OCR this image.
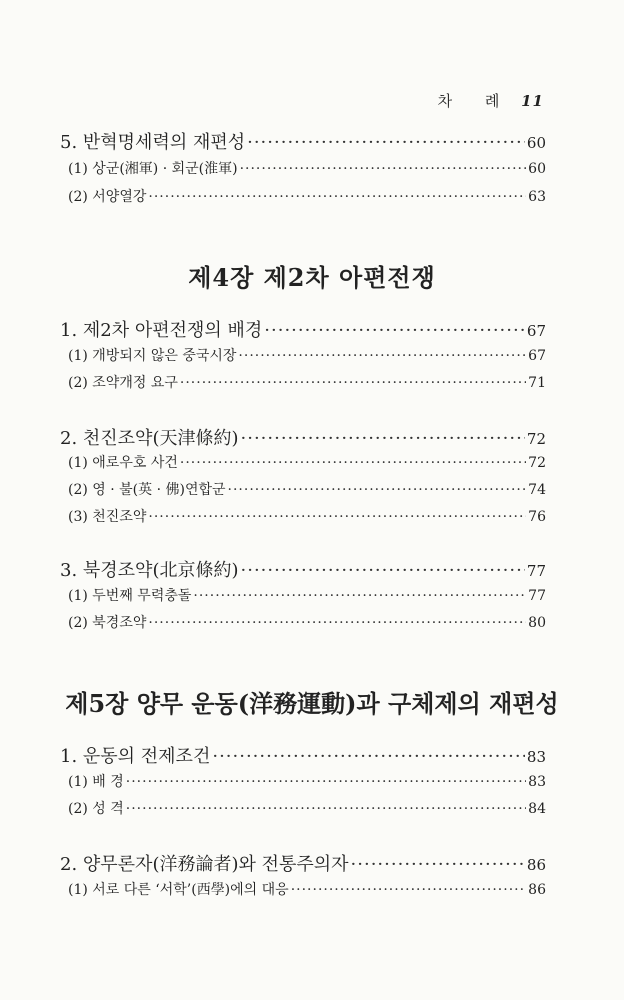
차 례 11
5. 반혁명세력의 재편성 ·····	60
(1) 상군(湘軍) · 회군(淮軍) ·····	60
(2) 서양열강 ·····	63
제4장 제2차 아편전쟁
1. 제2차 아편전쟁의 배경 ·····	67
(1) 개방되지 않은 중국시장 ·····	67
(2) 조약개정 요구 ·····	71
2. 천진조약(天津條約) ·····	72
(1) 애로우호 사건 ·····	72
(2) 영 · 불(英 · 佛)연합군 ·····	74
(3) 천진조약 ·····	76
3. 북경조약(北京條約) ·····	77
(1) 두번째 무력충돌 ·····	77
(2) 북경조약 ·····	80
제5장 양무 운동(洋務運動)과 구체제의 재편성
1. 운동의 전제조건 ·····	83
(1) 배 경 ·····	83
(2) 성 격 ·····	84
2. 양무론자(洋務論者)와 전통주의자 ·····	86
(1) 서로 다른 ‘서학’(西學)에의 대응 ·····	86
